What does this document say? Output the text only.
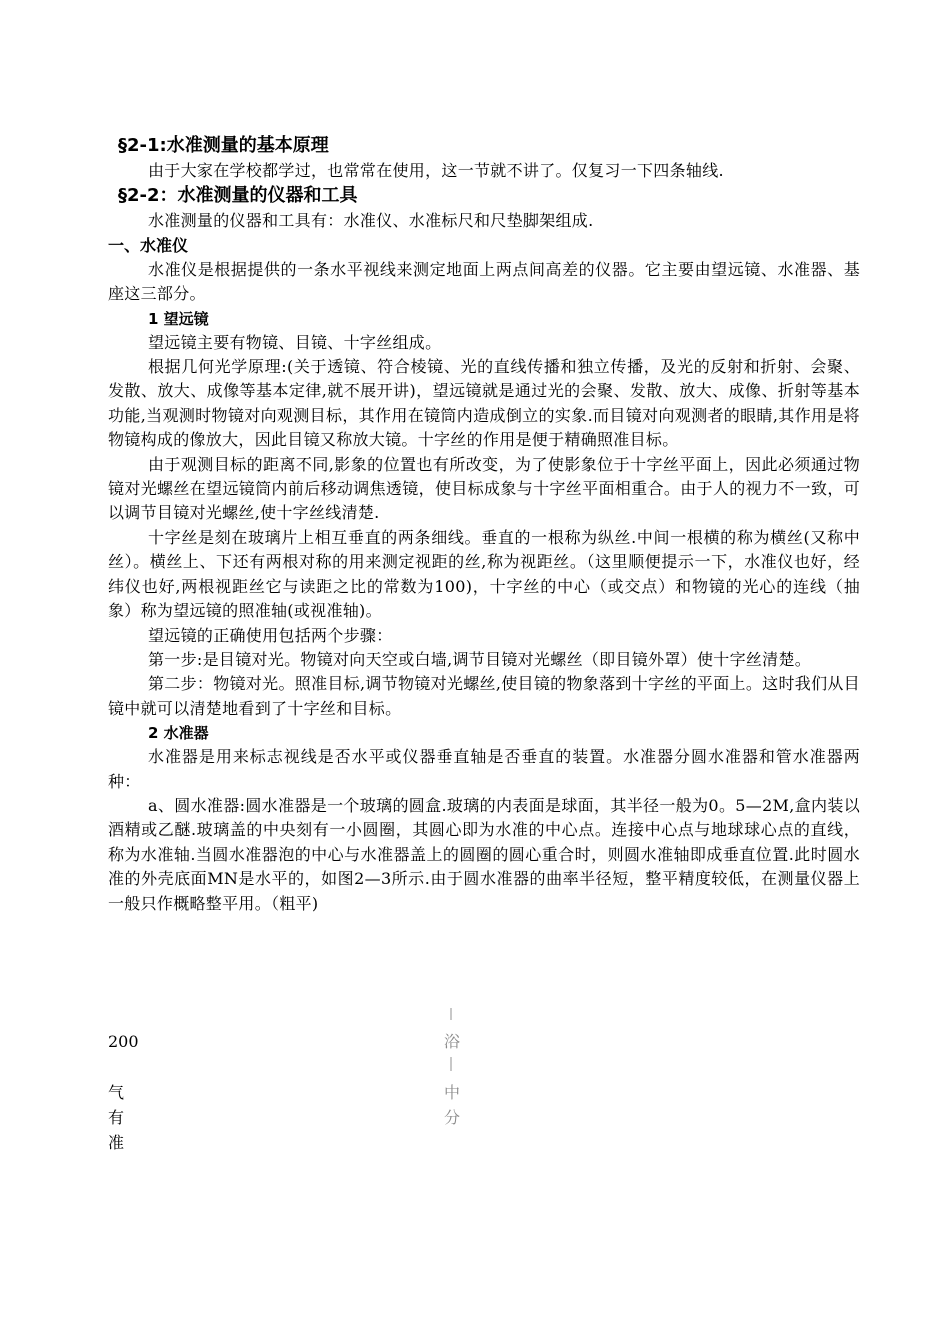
§2-1:水准测量的基本原理
由于大家在学校都学过，也常常在使用，这一节就不讲了。仅复习一下四条轴线.
§2-2：水准测量的仪器和工具
水准测量的仪器和工具有：水准仪、水准标尺和尺垫脚架组成.
一、水准仪
水准仪是根据提供的一条水平视线来测定地面上两点间高差的仪器。它主要由望远镜、水准器、基座这三部分。
1 望远镜
望远镜主要有物镜、目镜、十字丝组成。
根据几何光学原理:(关于透镜、符合棱镜、光的直线传播和独立传播，及光的反射和折射、会聚、发散、放大、成像等基本定律,就不展开讲)，望远镜就是通过光的会聚、发散、放大、成像、折射等基本功能,当观测时物镜对向观测目标，其作用在镜筒内造成倒立的实象.而目镜对向观测者的眼睛,其作用是将物镜构成的像放大，因此目镜又称放大镜。十字丝的作用是便于精确照准目标。
由于观测目标的距离不同,影象的位置也有所改变，为了使影象位于十字丝平面上，因此必须通过物镜对光螺丝在望远镜筒内前后移动调焦透镜，使目标成象与十字丝平面相重合。由于人的视力不一致，可以调节目镜对光螺丝,使十字丝线清楚.
十字丝是刻在玻璃片上相互垂直的两条细线。垂直的一根称为纵丝.中间一根横的称为横丝(又称中丝）。横丝上、下还有两根对称的用来测定视距的丝,称为视距丝。（这里顺便提示一下，水准仪也好，经纬仪也好,两根视距丝它与读距之比的常数为100)，十字丝的中心（或交点）和物镜的光心的连线（抽象）称为望远镜的照准轴(或视准轴)。
望远镜的正确使用包括两个步骤：
第一步:是目镜对光。物镜对向天空或白墙,调节目镜对光螺丝（即目镜外罩）使十字丝清楚。
第二步：物镜对光。照准目标,调节物镜对光螺丝,使目镜的物象落到十字丝的平面上。这时我们从目镜中就可以清楚地看到了十字丝和目标。
2 水准器
水准器是用来标志视线是否水平或仪器垂直轴是否垂直的装置。水准器分圆水准器和管水准器两种：
a、圆水准器:圆水准器是一个玻璃的圆盒.玻璃的内表面是球面，其半径一般为0。5—2M,盒内装以酒精或乙醚.玻璃盖的中央刻有一小圆圈，其圆心即为水准的中心点。连接中心点与地球球心点的直线，称为水准轴.当圆水准器泡的中心与水准器盖上的圆圈的圆心重合时，则圆水准轴即成垂直位置.此时圆水准的外壳底面MN是水平的，如图2—3所示.由于圆水准器的曲率半径短，整平精度较低，在测量仪器上一般只作概略整平用。（粗平)
200
气
有
准
浴
中
分
